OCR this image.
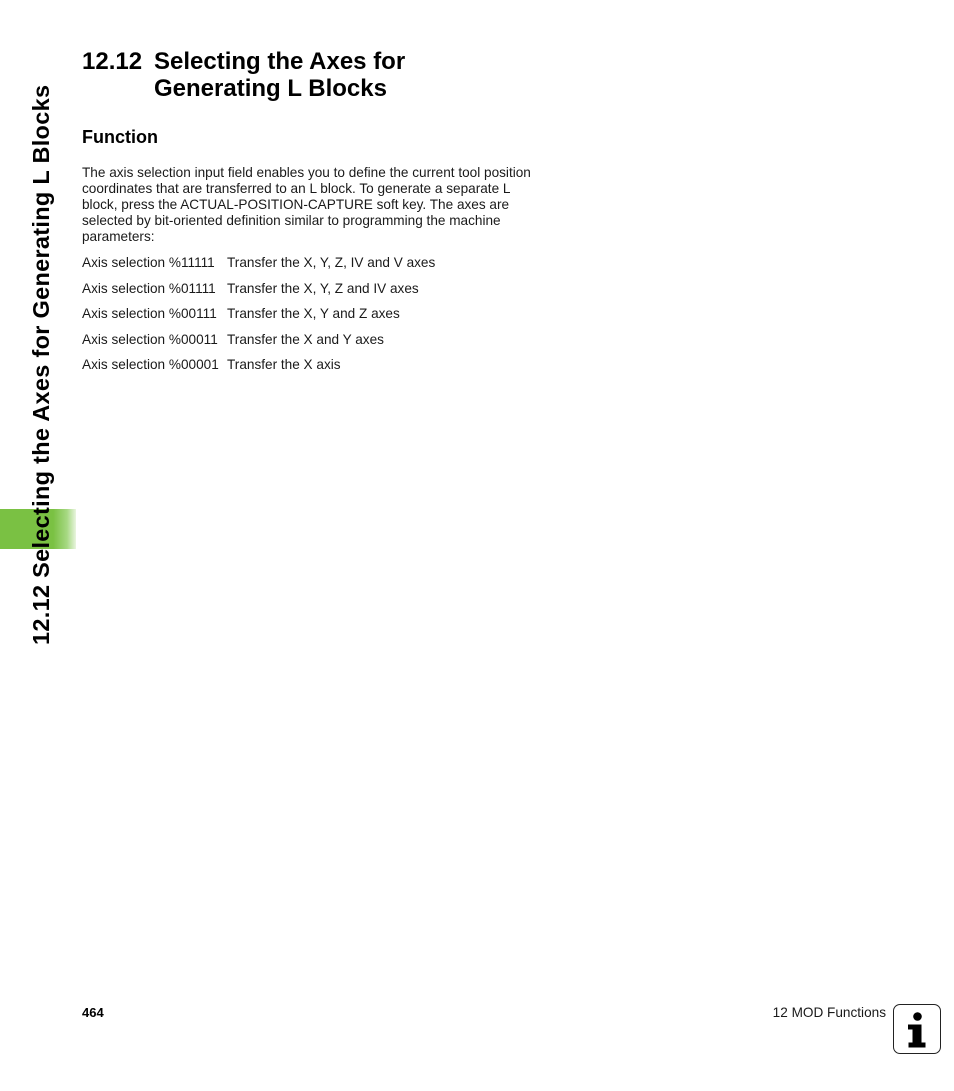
12.12 Selecting the Axes for Generating L Blocks
12.12 Selecting the Axes for
Generating L Blocks
Function

The axis selection input field enables you to define the current tool position coordinates that are transferred to an L block. To generate a separate L block, press the ACTUAL-POSITION-CAPTURE soft key. The axes are selected by bit-oriented definition similar to programming the machine parameters:

Axis selection %11111 Transfer the X, Y, Z, IV and V axes
Axis selection %01111 Transfer the X, Y, Z and IV axes
Axis selection %00111 Transfer the X, Y and Z axes
Axis selection %00011 Transfer the X and Y axes
Axis selection %00001 Transfer the X axis
464	12 MOD Functions
